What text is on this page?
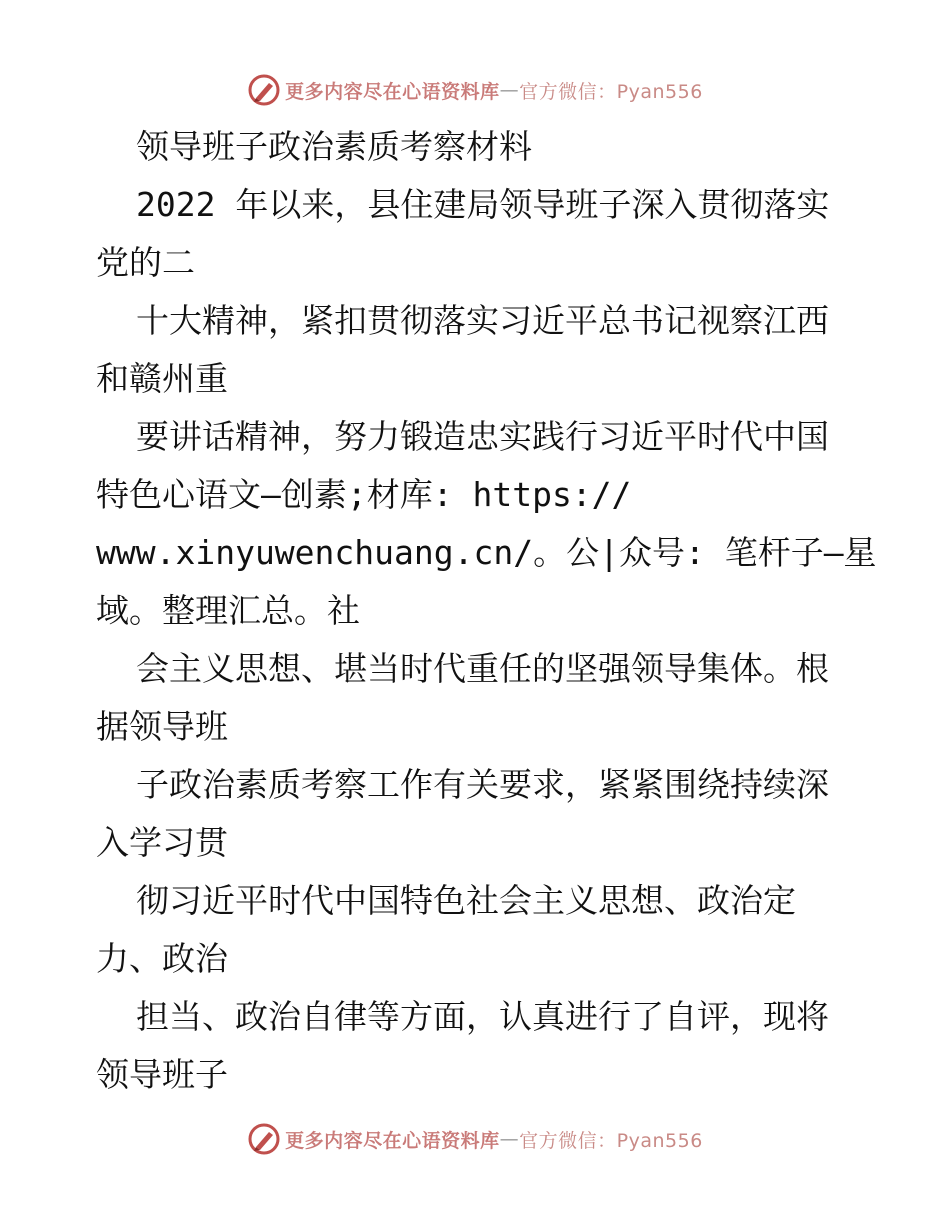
更多内容尽在心语资料库 — 官方微信：Pyan556
领导班子政治素质考察材料
2022 年以来，县住建局领导班子深入贯彻落实
党的二
十大精神，紧扣贯彻落实习近平总书记视察江西
和赣州重
要讲话精神，努力锻造忠实践行习近平时代中国
特色心语文—创素;材库: https://
www.xinyuwenchuang.cn/。公|众号: 笔杆子—星
域。整理汇总。社
会主义思想、堪当时代重任的坚强领导集体。根
据领导班
子政治素质考察工作有关要求，紧紧围绕持续深
入学习贯
彻习近平时代中国特色社会主义思想、政治定
力、政治
担当、政治自律等方面，认真进行了自评，现将
领导班子
更多内容尽在心语资料库 — 官方微信：Pyan556
